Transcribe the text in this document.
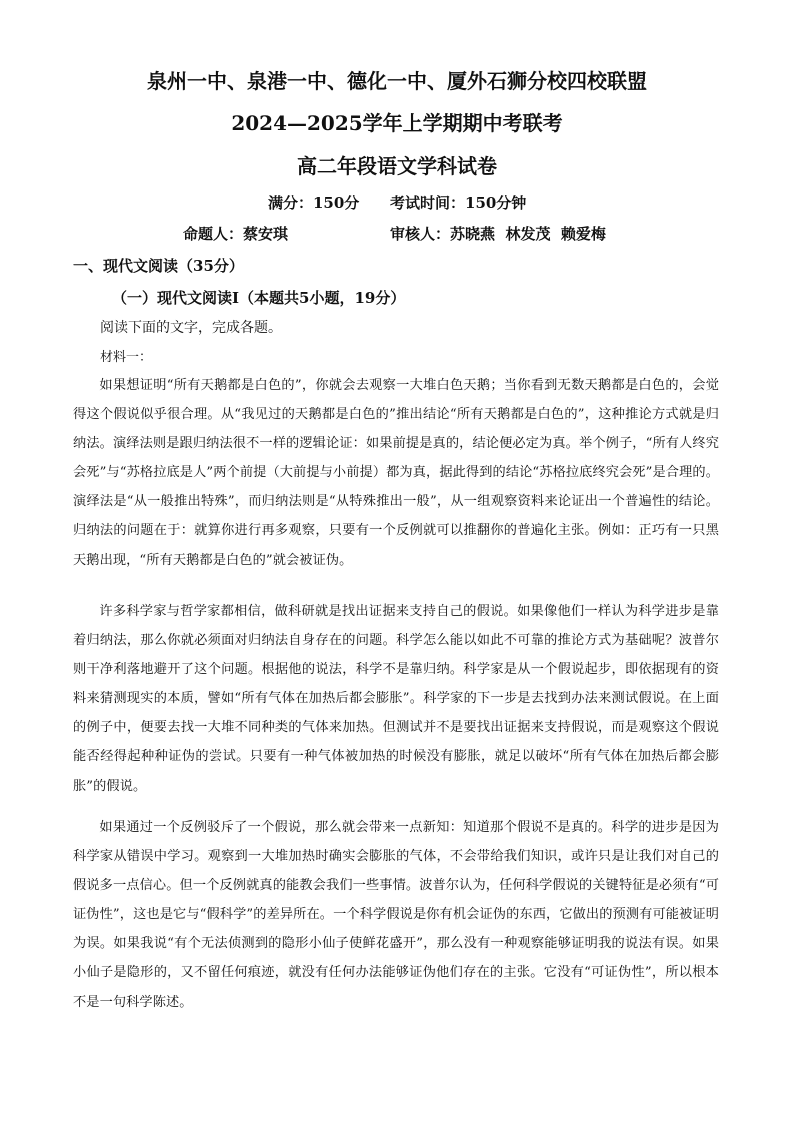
泉州一中、泉港一中、德化一中、厦外石狮分校四校联盟
2024—2025学年上学期期中考联考
高二年段语文学科试卷
满分：150分 考试时间：150分钟
命题人：蔡安琪	审核人：苏晓燕  林发茂  赖爱梅
一、现代文阅读（35分）
（一）现代文阅读Ⅰ（本题共5小题，19分）
阅读下面的文字，完成各题。
材料一：

如果想证明“所有天鹅都是白色的”，你就会去观察一大堆白色天鹅；当你看到无数天鹅都是白色的，会觉得这个假说似乎很合理。从“我见过的天鹅都是白色的”推出结论“所有天鹅都是白色的”，这种推论方式就是归纳法。演绎法则是跟归纳法很不一样的逻辑论证：如果前提是真的，结论便必定为真。举个例子，“所有人终究会死”与“苏格拉底是人”两个前提（大前提与小前提）都为真，据此得到的结论“苏格拉底终究会死”是合理的。演绎法是“从一般推出特殊”，而归纳法则是“从特殊推出一般”，从一组观察资料来论证出一个普遍性的结论。归纳法的问题在于：就算你进行再多观察，只要有一个反例就可以推翻你的普遍化主张。例如：正巧有一只黑天鹅出现，“所有天鹅都是白色的”就会被证伪。

许多科学家与哲学家都相信，做科研就是找出证据来支持自己的假说。如果像他们一样认为科学进步是靠着归纳法，那么你就必须面对归纳法自身存在的问题。科学怎么能以如此不可靠的推论方式为基础呢？波普尔则干净利落地避开了这个问题。根据他的说法，科学不是靠归纳。科学家是从一个假说起步，即依据现有的资料来猜测现实的本质，譬如“所有气体在加热后都会膨胀”。科学家的下一步是去找到办法来测试假说。在上面的例子中，便要去找一大堆不同种类的气体来加热。但测试并不是要找出证据来支持假说，而是观察这个假说能否经得起种种证伪的尝试。只要有一种气体被加热的时候没有膨胀，就足以破坏“所有气体在加热后都会膨胀”的假说。

如果通过一个反例驳斥了一个假说，那么就会带来一点新知：知道那个假说不是真的。科学的进步是因为科学家从错误中学习。观察到一大堆加热时确实会膨胀的气体，不会带给我们知识，或许只是让我们对自己的假说多一点信心。但一个反例就真的能教会我们一些事情。波普尔认为，任何科学假说的关键特征是必须有“可证伪性”，这也是它与“假科学”的差异所在。一个科学假说是你有机会证伪的东西，它做出的预测有可能被证明为误。如果我说“有个无法侦测到的隐形小仙子使鲜花盛开”，那么没有一种观察能够证明我的说法有误。如果小仙子是隐形的，又不留任何痕迹，就没有任何办法能够证伪他们存在的主张。它没有“可证伪性”，所以根本不是一句科学陈述。
